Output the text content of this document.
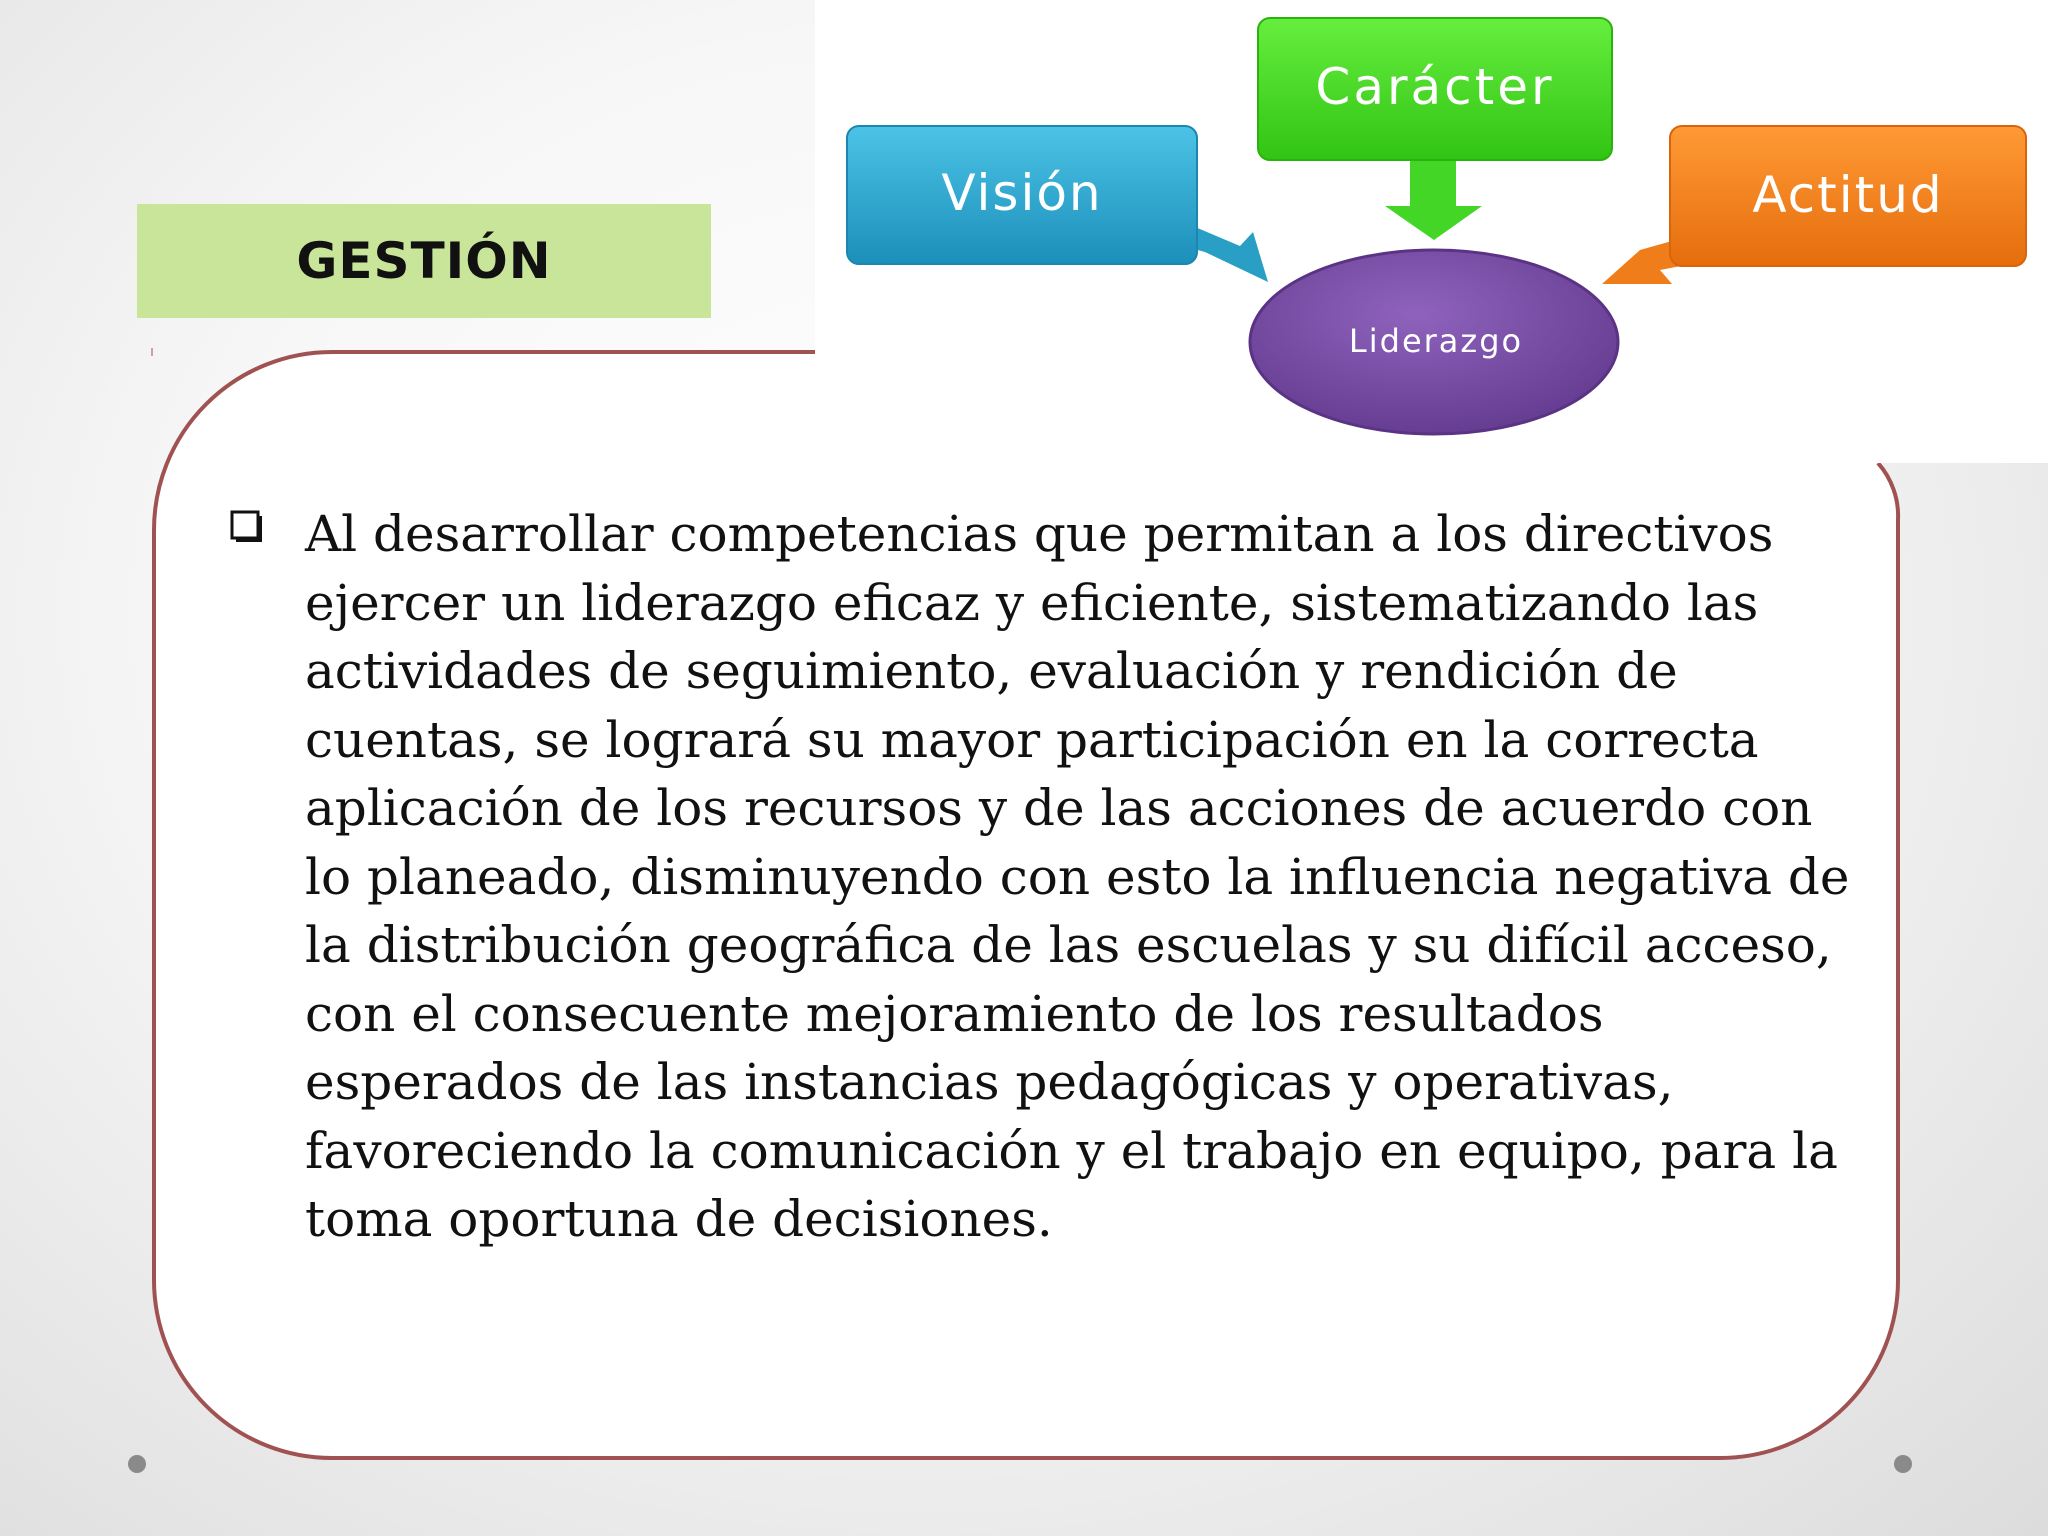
Visión
Carácter
Actitud
Liderazgo
GESTIÓN

Al desarrollar competencias que permitan a los directivos ejercer un liderazgo eficaz y eficiente, sistematizando las actividades de seguimiento, evaluación y rendición de cuentas, se logrará su mayor participación en la correcta aplicación de los recursos y de las acciones de acuerdo con lo planeado, disminuyendo con esto la influencia negativa de la distribución geográfica de las escuelas y su difícil acceso, con el consecuente mejoramiento de los resultados esperados de las instancias pedagógicas y operativas, favoreciendo la comunicación y el trabajo en equipo, para la toma oportuna de decisiones.
